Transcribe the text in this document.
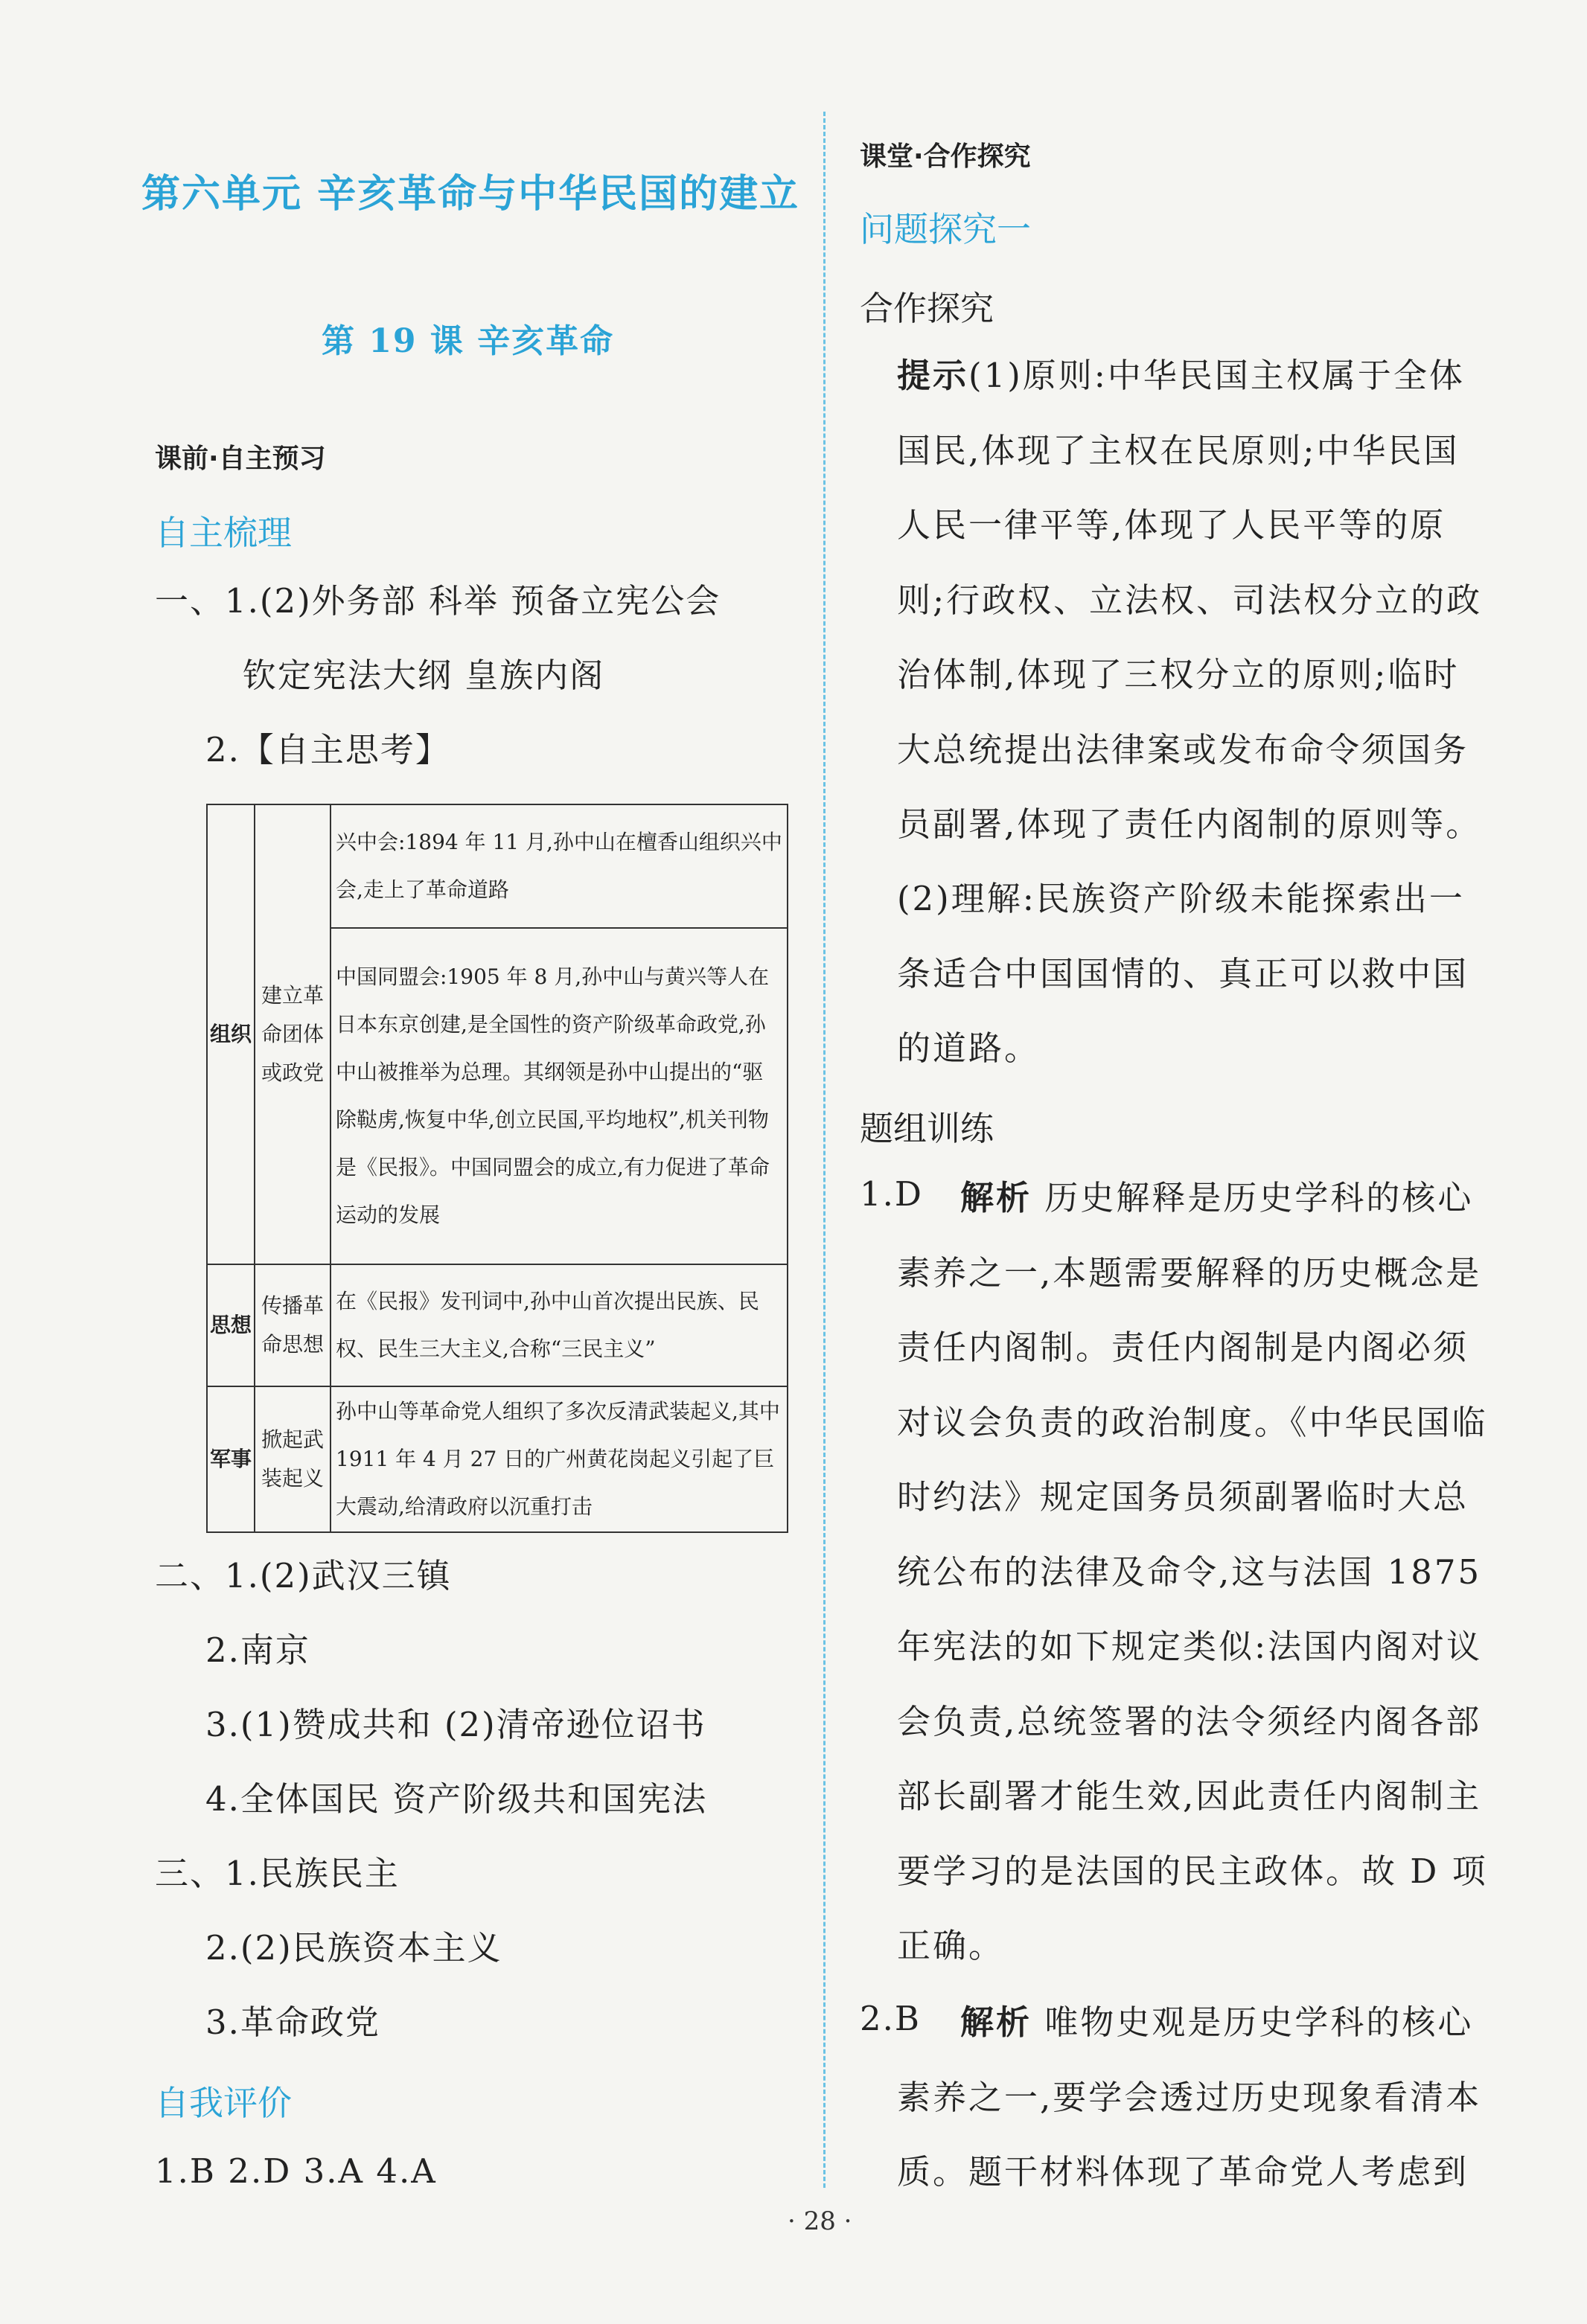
第六单元 辛亥革命与中华民国的建立
第 19 课 辛亥革命
课前·自主预习
自主梳理
一、1.(2)外务部 科举 预备立宪公会
钦定宪法大纲 皇族内阁
2.【自主思考】
组织	建立革命团体或政党	兴中会:1894 年 11 月,孙中山在檀香山组织兴中会,走上了革命道路
		中国同盟会:1905 年 8 月,孙中山与黄兴等人在日本东京创建,是全国性的资产阶级革命政党,孙中山被推举为总理。其纲领是孙中山提出的“驱除鞑虏,恢复中华,创立民国,平均地权”,机关刊物是《民报》。中国同盟会的成立,有力促进了革命运动的发展
思想	传播革命思想	在《民报》发刊词中,孙中山首次提出民族、民权、民生三大主义,合称“三民主义”
军事	掀起武装起义	孙中山等革命党人组织了多次反清武装起义,其中 1911 年 4 月 27 日的广州黄花岗起义引起了巨大震动,给清政府以沉重打击
二、1.(2)武汉三镇
2.南京
3.(1)赞成共和 (2)清帝逊位诏书
4.全体国民 资产阶级共和国宪法
三、1.民族民主
2.(2)民族资本主义
3.革命政党
自我评价
1.B 2.D 3.A 4.A
课堂·合作探究
问题探究一
合作探究
提示(1)原则:中华民国主权属于全体国民,体现了主权在民原则;中华民国人民一律平等,体现了人民平等的原则;行政权、立法权、司法权分立的政治体制,体现了三权分立的原则;临时大总统提出法律案或发布命令须国务员副署,体现了责任内阁制的原则等。
(2)理解:民族资产阶级未能探索出一条适合中国国情的、真正可以救中国的道路。
题组训练
1.D	解析 历史解释是历史学科的核心素养之一,本题需要解释的历史概念是责任内阁制。责任内阁制是内阁必须对议会负责的政治制度。《中华民国临时约法》规定国务员须副署临时大总统公布的法律及命令,这与法国 1875 年宪法的如下规定类似:法国内阁对议会负责,总统签署的法令须经内阁各部部长副署才能生效,因此责任内阁制主要学习的是法国的民主政体。故 D 项正确。
2.B	解析 唯物史观是历史学科的核心素养之一,要学会透过历史现象看清本质。题干材料体现了革命党人考虑到
· 28 ·
